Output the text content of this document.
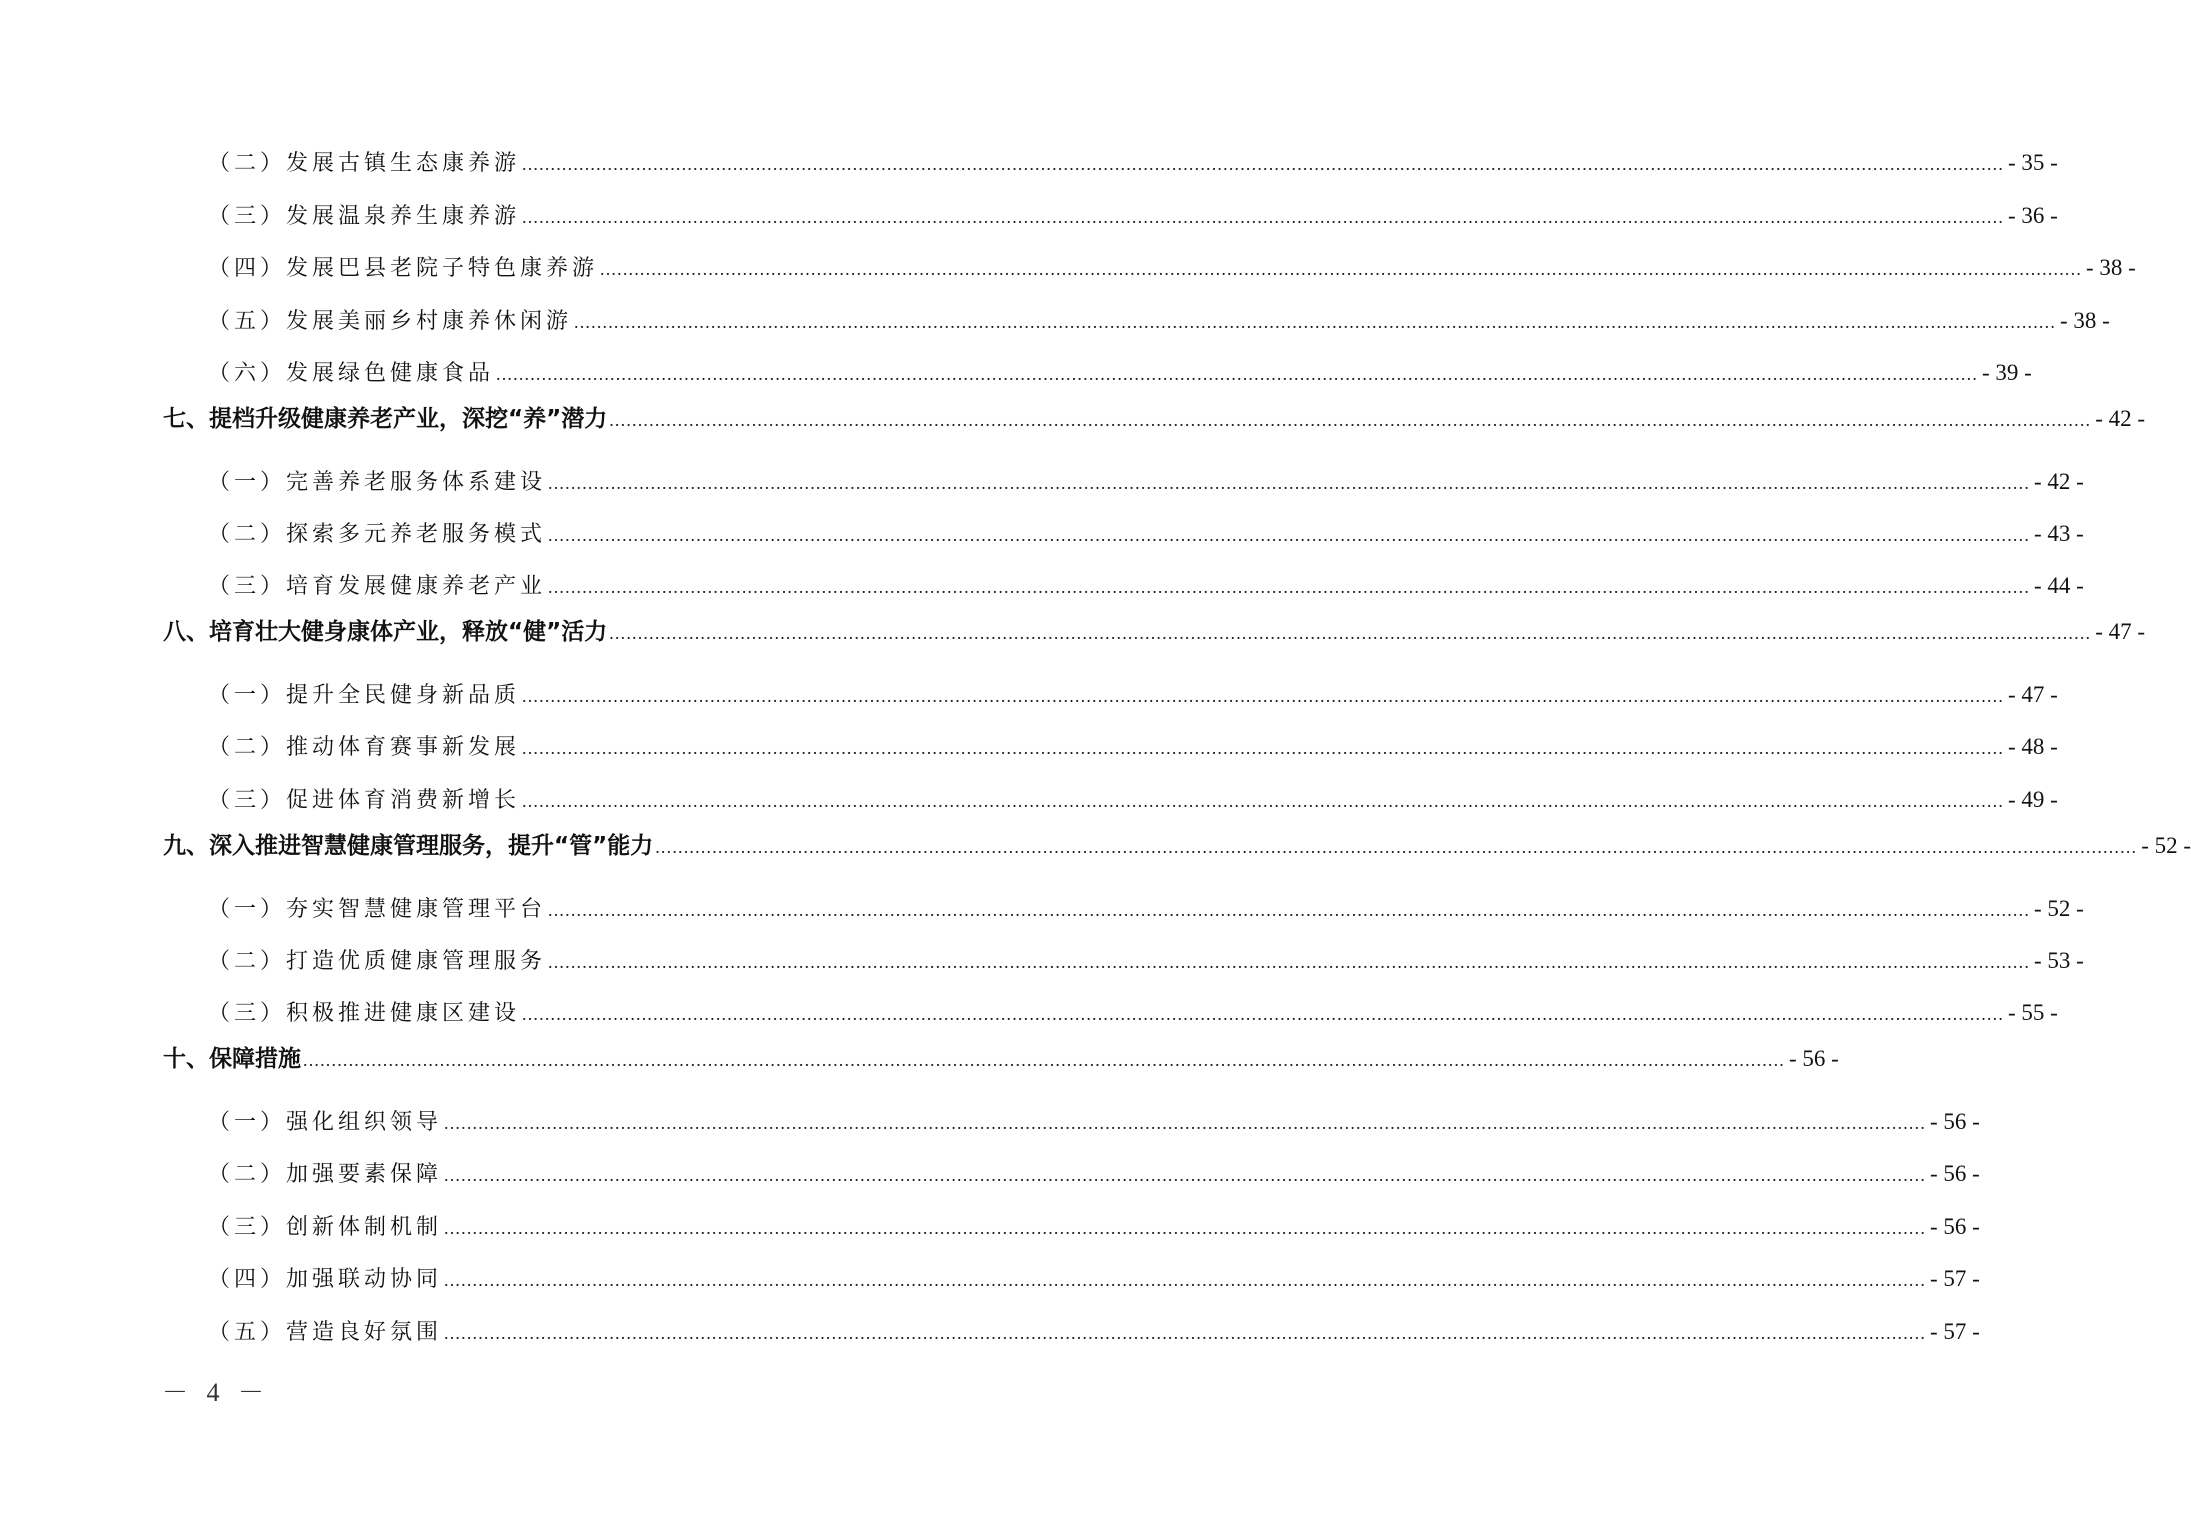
（二）发展古镇生态康养游 .................................................................................................................................................................................................................................................................... - 35 -
（三）发展温泉养生康养游 .................................................................................................................................................................................................................................................................... - 36 -
（四）发展巴县老院子特色康养游 .................................................................................................................................................................................................................................................................... - 38 -
（五）发展美丽乡村康养休闲游 .................................................................................................................................................................................................................................................................... - 38 -
（六）发展绿色健康食品 .................................................................................................................................................................................................................................................................... - 39 -
七、提档升级健康养老产业，深挖“养”潜力 .................................................................................................................................................................................................................................................................... - 42 -
（一）完善养老服务体系建设 .................................................................................................................................................................................................................................................................... - 42 -
（二）探索多元养老服务模式 .................................................................................................................................................................................................................................................................... - 43 -
（三）培育发展健康养老产业 .................................................................................................................................................................................................................................................................... - 44 -
八、培育壮大健身康体产业，释放“健”活力 .................................................................................................................................................................................................................................................................... - 47 -
（一）提升全民健身新品质 .................................................................................................................................................................................................................................................................... - 47 -
（二）推动体育赛事新发展 .................................................................................................................................................................................................................................................................... - 48 -
（三）促进体育消费新增长 .................................................................................................................................................................................................................................................................... - 49 -
九、深入推进智慧健康管理服务，提升“管”能力 .................................................................................................................................................................................................................................................................... - 52 -
（一）夯实智慧健康管理平台 .................................................................................................................................................................................................................................................................... - 52 -
（二）打造优质健康管理服务 .................................................................................................................................................................................................................................................................... - 53 -
（三）积极推进健康区建设 .................................................................................................................................................................................................................................................................... - 55 -
十、保障措施 .................................................................................................................................................................................................................................................................... - 56 -
（一）强化组织领导 .................................................................................................................................................................................................................................................................... - 56 -
（二）加强要素保障 .................................................................................................................................................................................................................................................................... - 56 -
（三）创新体制机制 .................................................................................................................................................................................................................................................................... - 56 -
（四）加强联动协同 .................................................................................................................................................................................................................................................................... - 57 -
（五）营造良好氛围 .................................................................................................................................................................................................................................................................... - 57 -
－ 4 －
